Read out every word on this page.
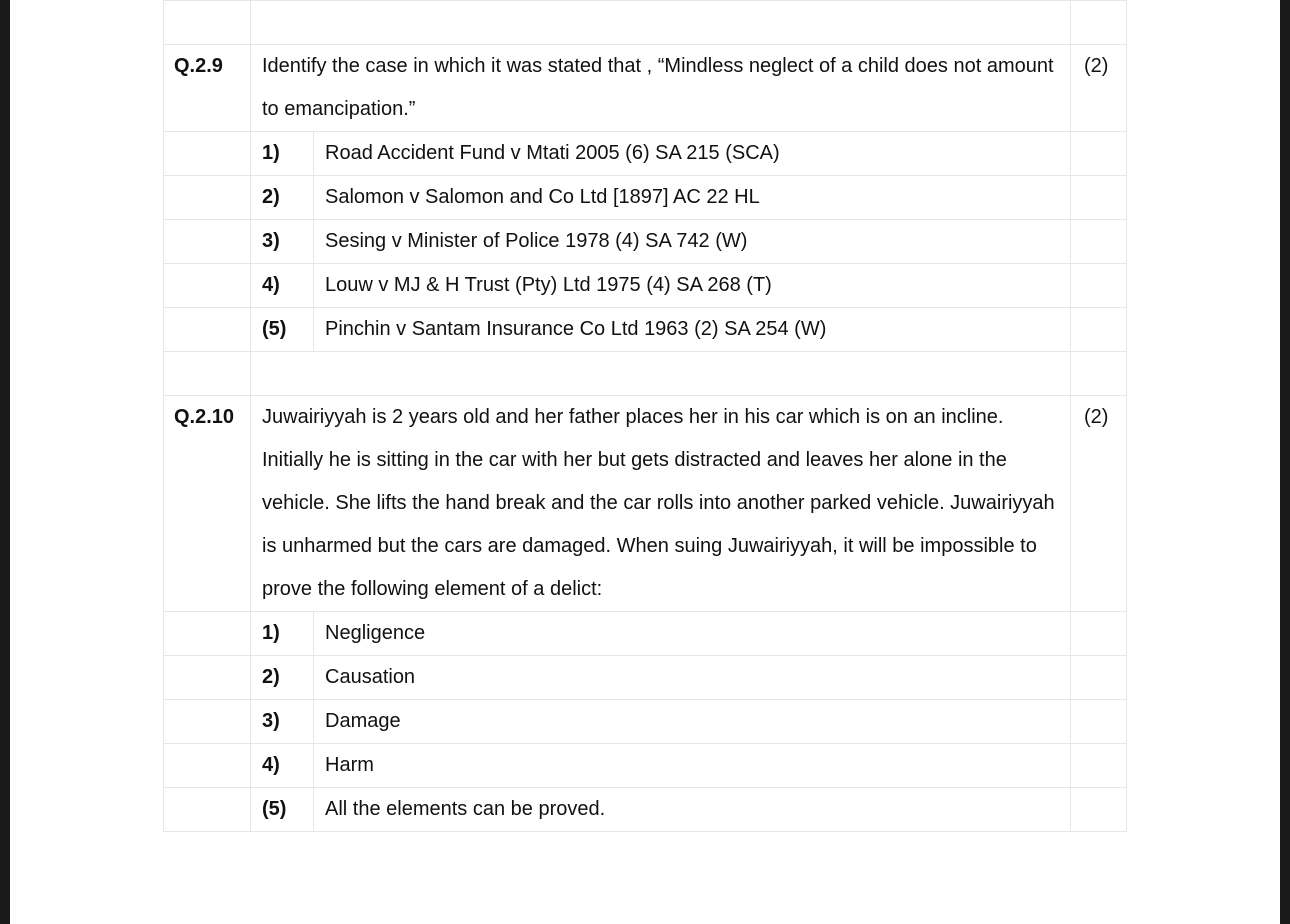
Q.2.9	Identify the case in which it was stated that , “Mindless neglect of a child does not amount to emancipation.”		(2)
	1)	Road Accident Fund v Mtati 2005 (6) SA 215 (SCA)	
	2)	Salomon v Salomon and Co Ltd [1897] AC 22 HL	
	3)	Sesing v Minister of Police 1978 (4) SA 742 (W)	
	4)	Louw v MJ & H Trust (Pty) Ltd 1975 (4) SA 268 (T)	
	(5)	Pinchin v Santam Insurance Co Ltd 1963 (2) SA 254 (W)	

Q.2.10	Juwairiyyah is 2 years old and her father places her in his car which is on an incline. Initially he is sitting in the car with her but gets distracted and leaves her alone in the vehicle. She lifts the hand break and the car rolls into another parked vehicle. Juwairiyyah is unharmed but the cars are damaged. When suing Juwairiyyah, it will be impossible to prove the following element of a delict:		(2)
	1)	Negligence	
	2)	Causation	
	3)	Damage	
	4)	Harm	
	(5)	All the elements can be proved.	
